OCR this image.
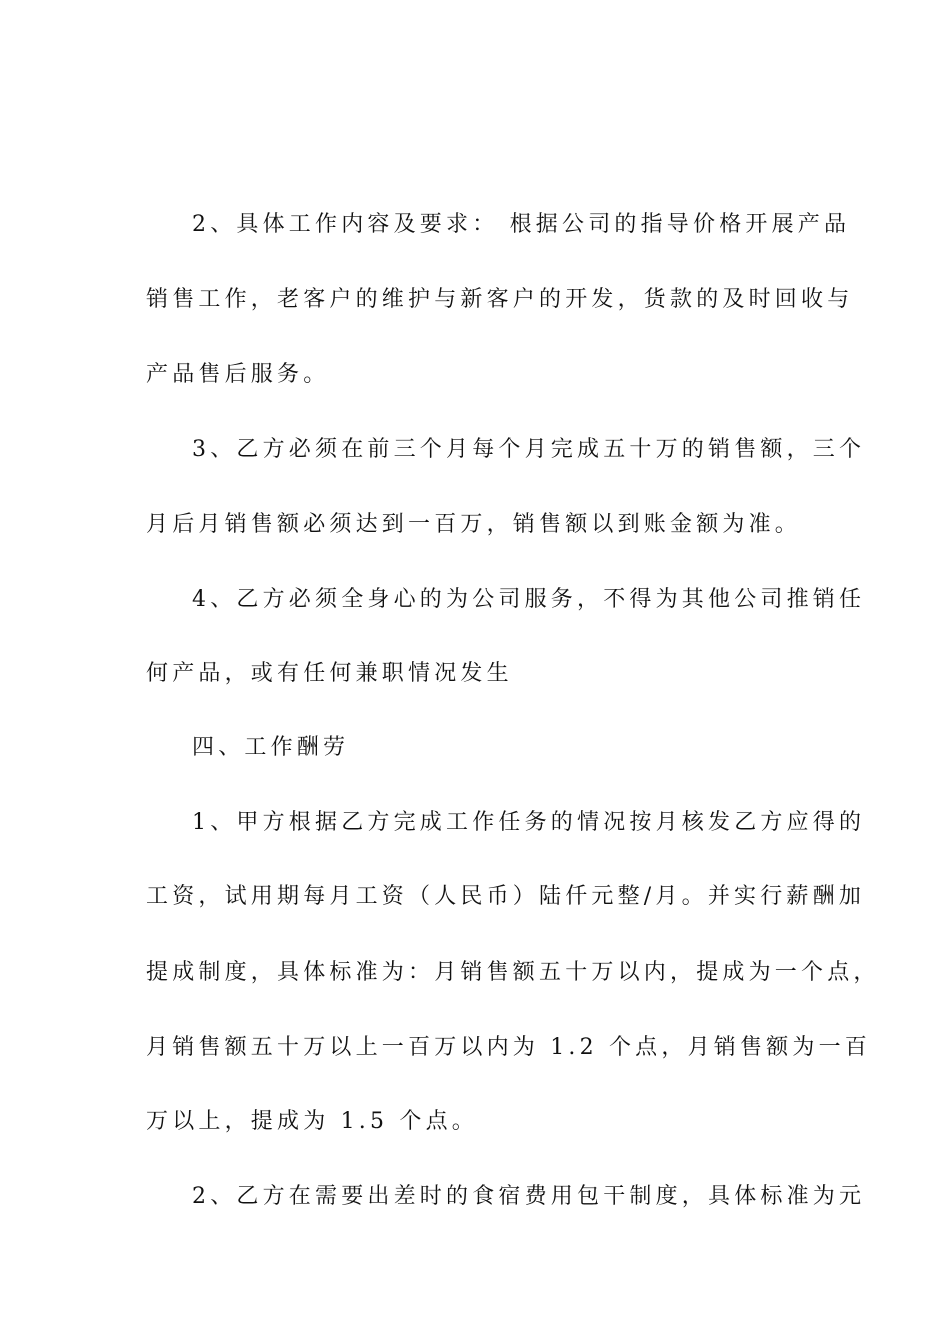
2、具体工作内容及要求： 根据公司的指导价格开展产品
销售工作，老客户的维护与新客户的开发，货款的及时回收与
产品售后服务。
3、乙方必须在前三个月每个月完成五十万的销售额，三个
月后月销售额必须达到一百万，销售额以到账金额为准。
4、乙方必须全身心的为公司服务，不得为其他公司推销任
何产品，或有任何兼职情况发生
四、工作酬劳
1、甲方根据乙方完成工作任务的情况按月核发乙方应得的
工资，试用期每月工资（人民币）陆仟元整/月。并实行薪酬加
提成制度，具体标准为：月销售额五十万以内，提成为一个点，
月销售额五十万以上一百万以内为 1.2 个点，月销售额为一百
万以上，提成为 1.5 个点。
2、乙方在需要出差时的食宿费用包干制度，具体标准为元
